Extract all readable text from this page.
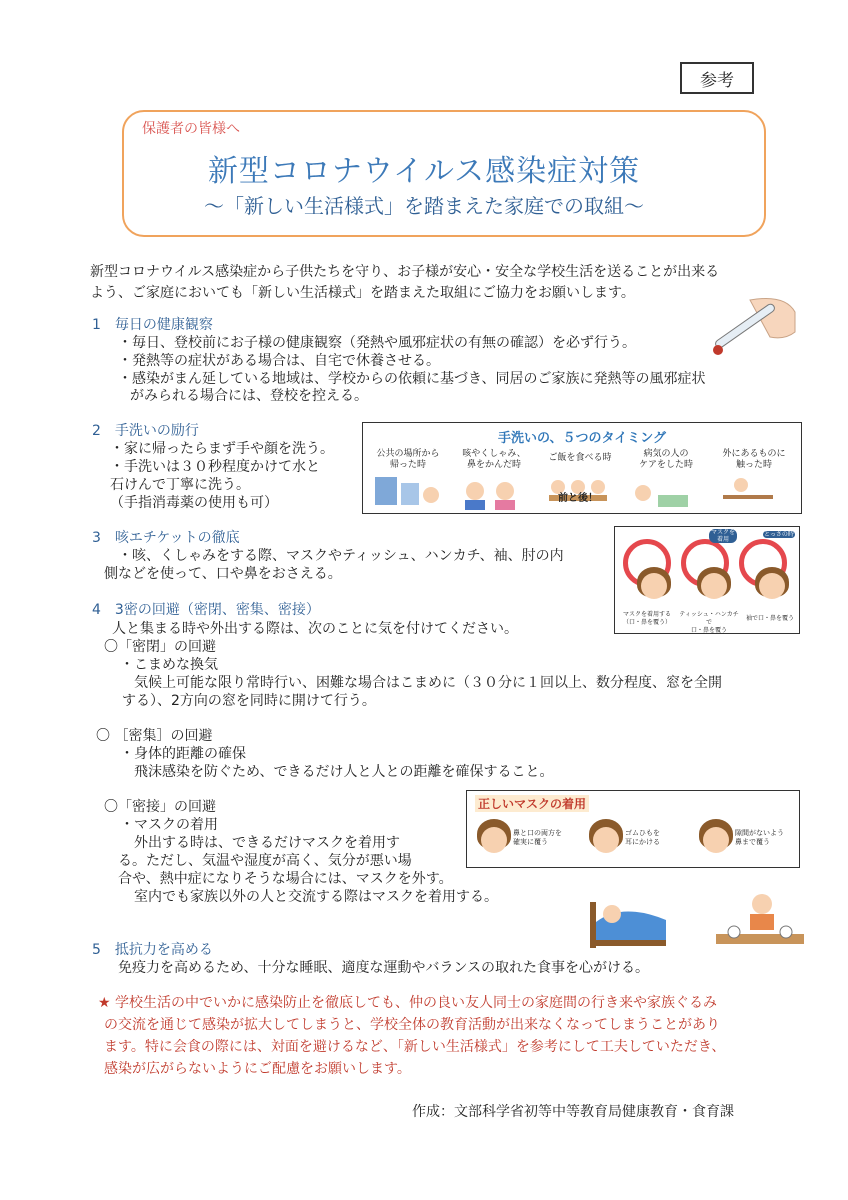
参考
保護者の皆様へ
新型コロナウイルス感染症対策
〜「新しい生活様式」を踏まえた家庭での取組〜
新型コロナウイルス感染症から子供たちを守り、お子様が安心・安全な学校生活を送ることが出来る
よう、ご家庭においても「新しい生活様式」を踏まえた取組にご協力をお願いします。
1　毎日の健康観察
・毎日、登校前にお子様の健康観察（発熱や風邪症状の有無の確認）を必ず行う。
・発熱等の症状がある場合は、自宅で休養させる。
・感染がまん延している地域は、学校からの依頼に基づき、同居のご家族に発熱等の風邪症状
がみられる場合には、登校を控える。
2　手洗いの励行
・家に帰ったらまず手や顔を洗う。
・手洗いは３０秒程度かけて水と
石けんで丁寧に洗う。
（手指消毒薬の使用も可）
手洗いの、５つのタイミング
公共の場所から
帰った時
咳やくしゃみ、
鼻をかんだ時
ご飯を食べる時	病気の人の
ケアをした時
外にあるものに
触った時
前と後！
3　咳エチケットの徹底
・咳、くしゃみをする際、マスクやティッシュ、ハンカチ、袖、肘の内
側などを使って、口や鼻をおさえる。
マスクを
着用
とっさの時
マスクを着用する
（口・鼻を覆う）
ティッシュ・ハンカチで
口・鼻を覆う
袖で口・鼻を覆う
4　3密の回避（密閉、密集、密接）
人と集まる時や外出する際は、次のことに気を付けてください。
〇「密閉」の回避
・こまめな換気
気候上可能な限り常時行い、困難な場合はこまめに（３０分に１回以上、数分程度、窓を全開
する）、2方向の窓を同時に開けて行う。
〇 ［密集］の回避
・身体的距離の確保
飛沫感染を防ぐため、できるだけ人と人との距離を確保すること。
〇「密接」の回避
・マスクの着用
外出する時は、できるだけマスクを着用す
る。ただし、気温や湿度が高く、気分が悪い場
合や、熱中症になりそうな場合には、マスクを外す。
室内でも家族以外の人と交流する際はマスクを着用する。
正しいマスクの着用
鼻と口の両方を
確実に覆う
ゴムひもを
耳にかける
隙間がないよう
鼻まで覆う
5　抵抗力を高める
免疫力を高めるため、十分な睡眠、適度な運動やバランスの取れた食事を心がける。
★ 学校生活の中でいかに感染防止を徹底しても、仲の良い友人同士の家庭間の行き来や家族ぐるみ
の交流を通じて感染が拡大してしまうと、学校全体の教育活動が出来なくなってしまうことがあり
ます。特に会食の際には、対面を避けるなど、「新しい生活様式」を参考にして工夫していただき、
感染が広がらないようにご配慮をお願いします。
作成：文部科学省初等中等教育局健康教育・食育課
